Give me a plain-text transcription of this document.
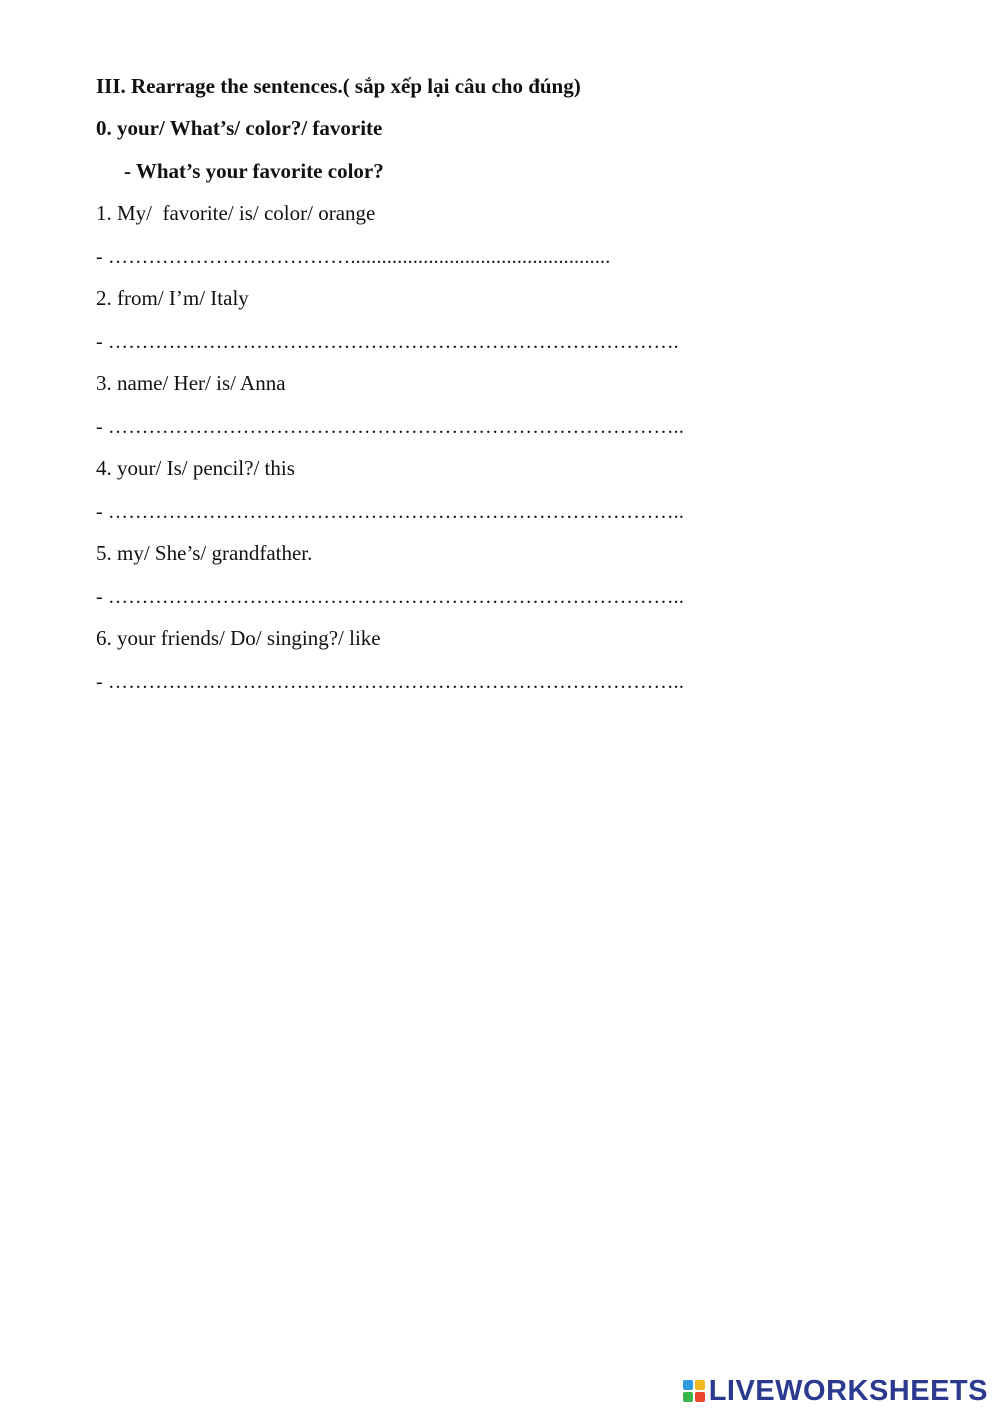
III. Rearrage the sentences.( sắp xếp lại câu cho đúng)
0. your/ What’s/ color?/ favorite
- What’s your favorite color?
1. My/  favorite/ is/ color/ orange
- ………………………………..................................................
2. from/ I’m/ Italy
- ………………………………………………………………………….
3. name/ Her/ is/ Anna
- …………………………………………………………………………..
4. your/ Is/ pencil?/ this
- …………………………………………………………………………..
5. my/ She’s/ grandfather.
- …………………………………………………………………………..
6. your friends/ Do/ singing?/ like
- …………………………………………………………………………..
LIVEWORKSHEETS
